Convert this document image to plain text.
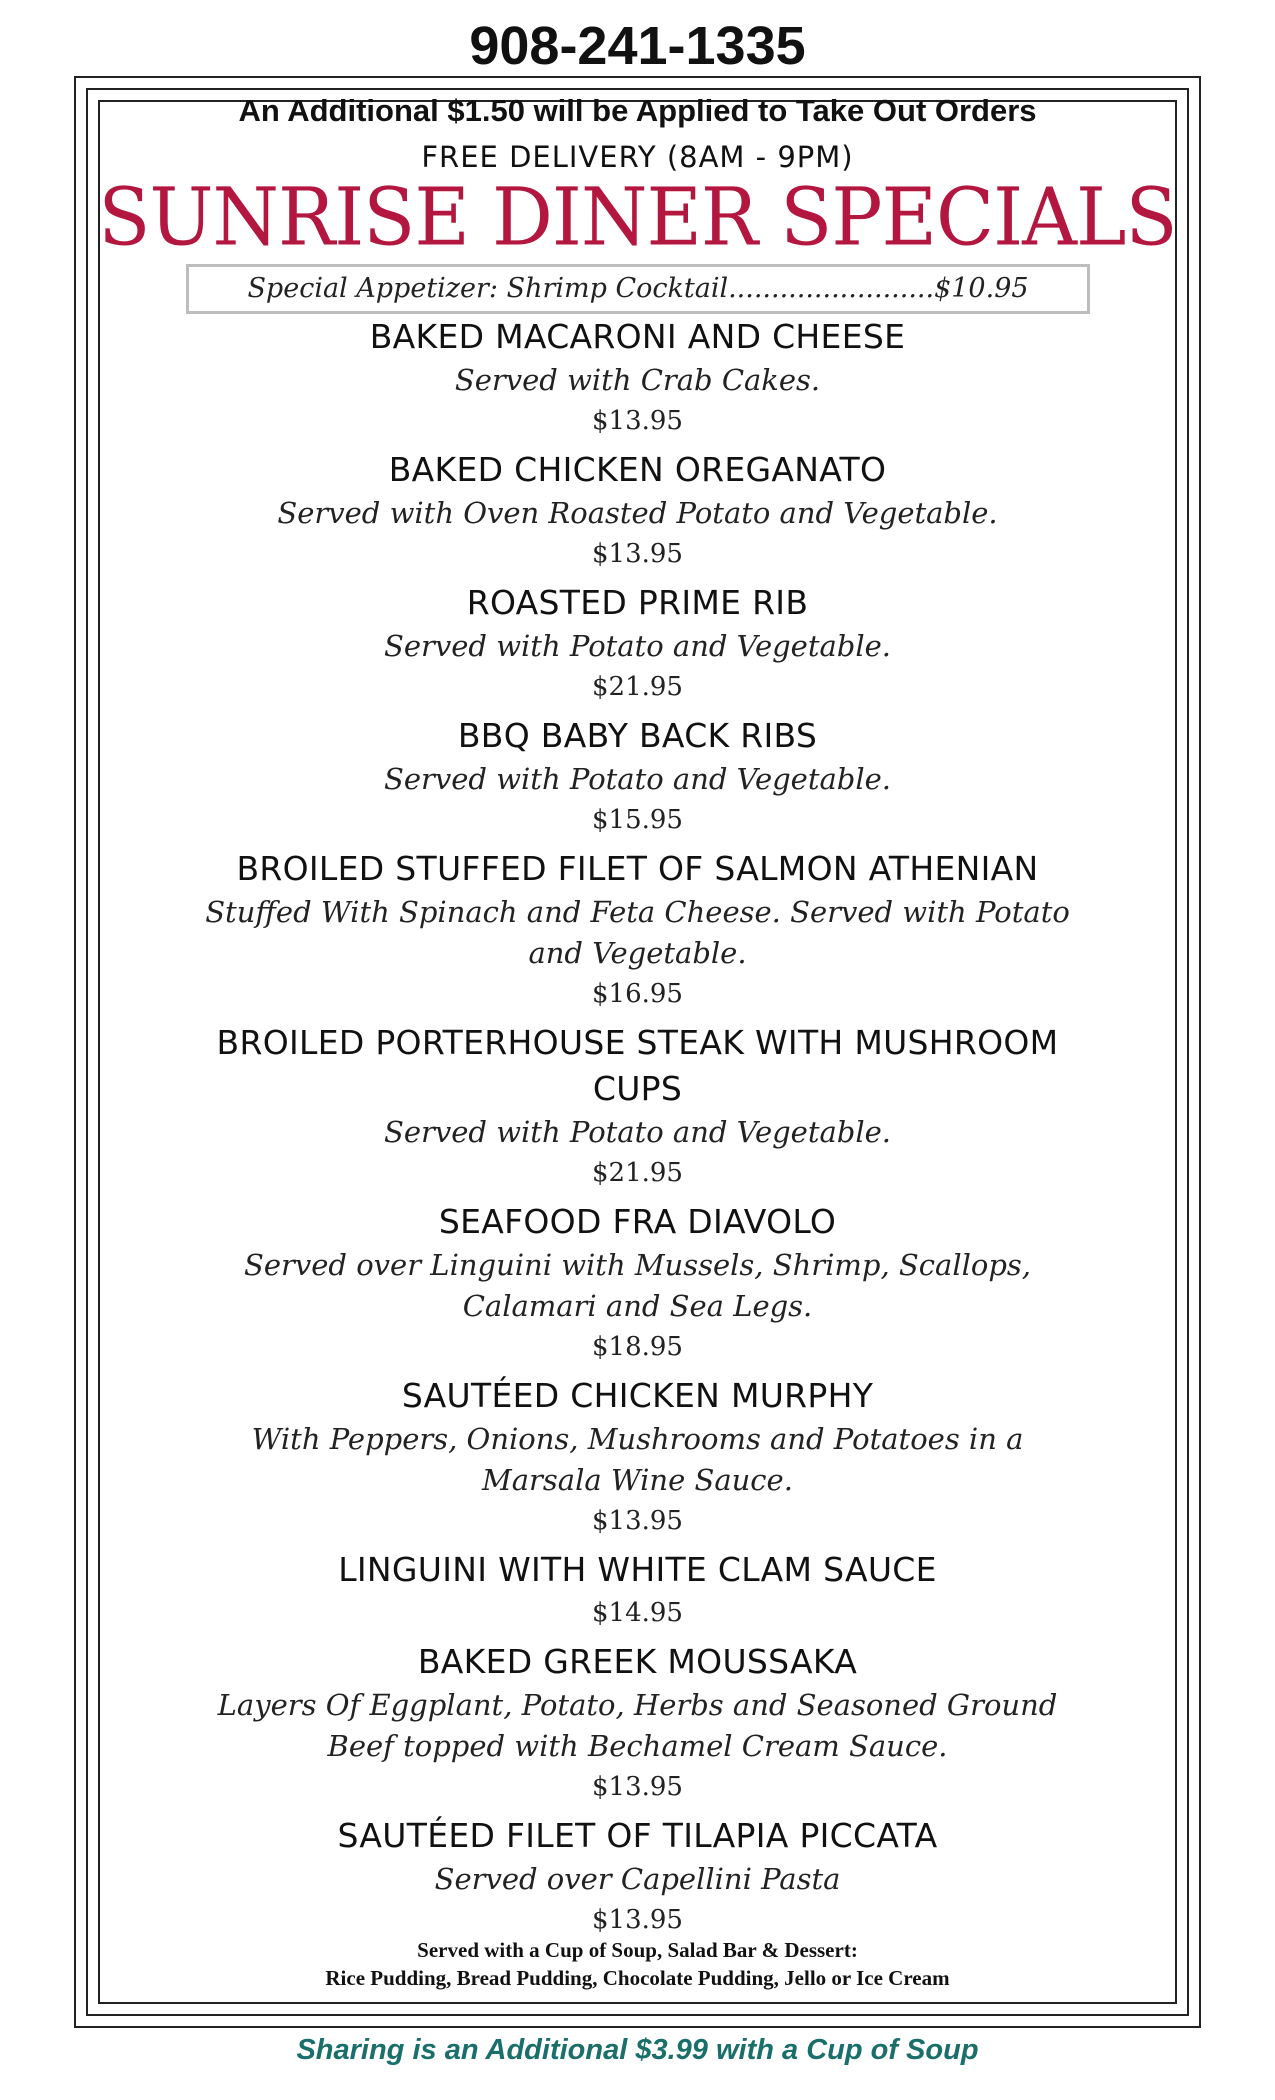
908-241-1335
An Additional $1.50 will be Applied to Take Out Orders
FREE DELIVERY (8AM - 9PM)
SUNRISE DINER SPECIALS
Special Appetizer: Shrimp Cocktail........................$10.95
BAKED MACARONI AND CHEESE
Served with Crab Cakes.
$13.95
BAKED CHICKEN OREGANATO
Served with Oven Roasted Potato and Vegetable.
$13.95
ROASTED PRIME RIB
Served with Potato and Vegetable.
$21.95
BBQ BABY BACK RIBS
Served with Potato and Vegetable.
$15.95
BROILED STUFFED FILET OF SALMON ATHENIAN
Stuffed With Spinach and Feta Cheese. Served with Potato and Vegetable.
$16.95
BROILED PORTERHOUSE STEAK WITH MUSHROOM CUPS
Served with Potato and Vegetable.
$21.95
SEAFOOD FRA DIAVOLO
Served over Linguini with Mussels, Shrimp, Scallops, Calamari and Sea Legs.
$18.95
SAUTÉED CHICKEN MURPHY
With Peppers, Onions, Mushrooms and Potatoes in a Marsala Wine Sauce.
$13.95
LINGUINI WITH WHITE CLAM SAUCE
$14.95
BAKED GREEK MOUSSAKA
Layers Of Eggplant, Potato, Herbs and Seasoned Ground Beef topped with Bechamel Cream Sauce.
$13.95
SAUTÉED FILET OF TILAPIA PICCATA
Served over Capellini Pasta
$13.95
Served with a Cup of Soup, Salad Bar & Dessert:
Rice Pudding, Bread Pudding, Chocolate Pudding, Jello or Ice Cream
Sharing is an Additional $3.99 with a Cup of Soup
